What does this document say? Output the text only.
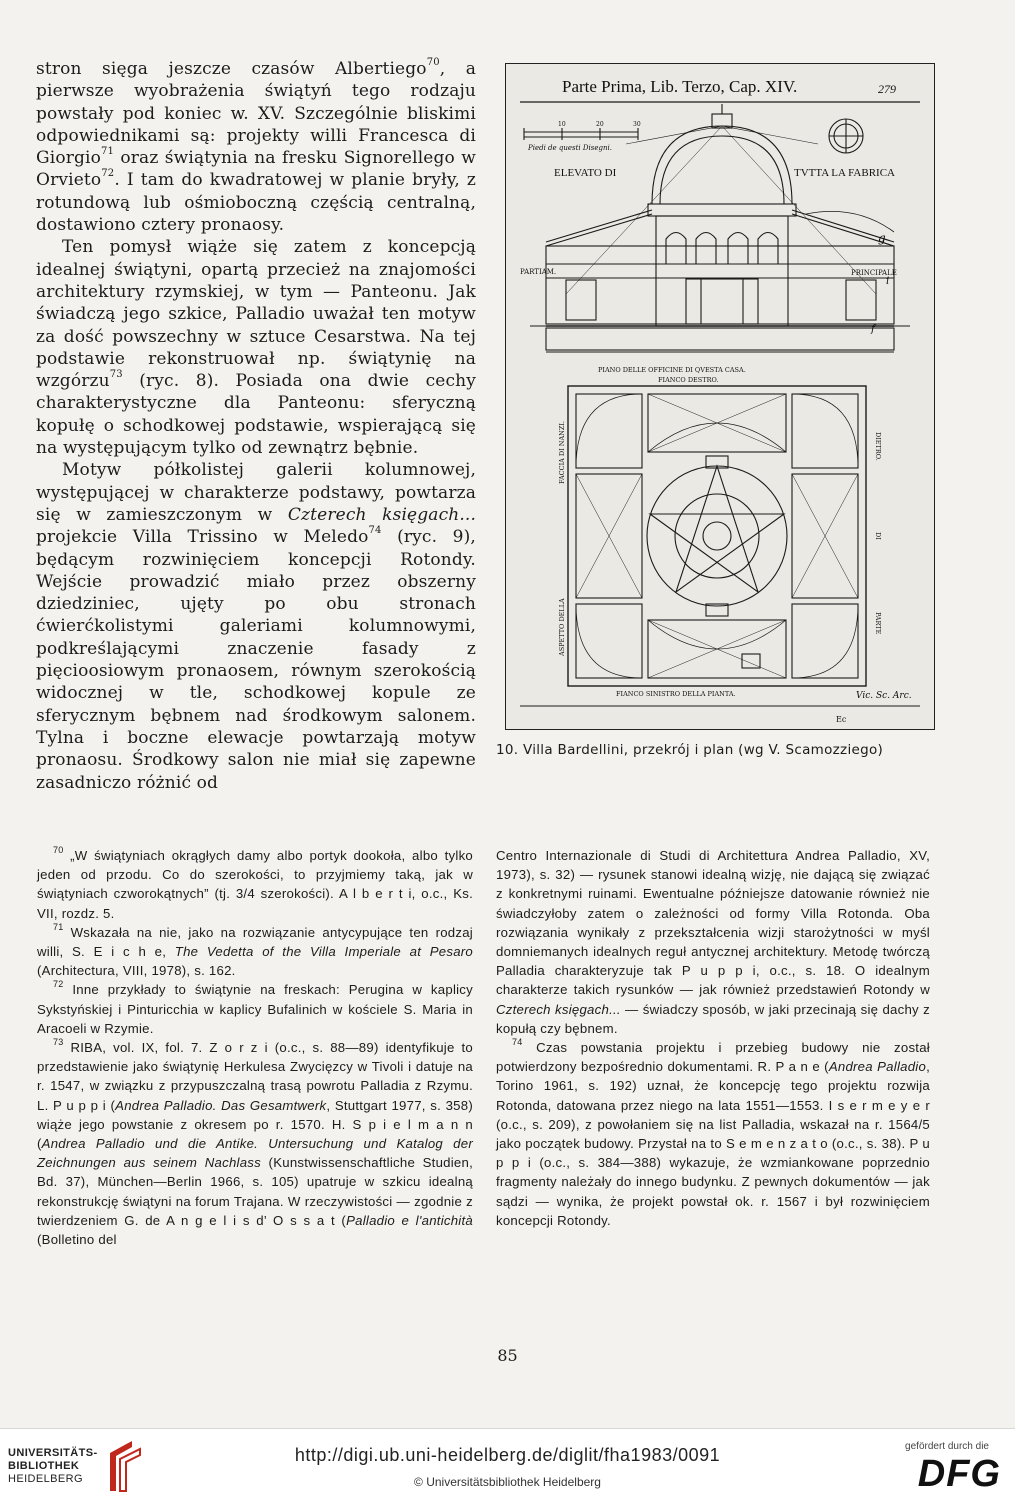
stron sięga jeszcze czasów Albertiego$^{70}$, a pierwsze wyobrażenia świątyń tego rodzaju powstały pod koniec w. XV. Szczególnie bliskimi odpowiednikami są: projekty willi Francesca di Giorgio$^{71}$ oraz świątynia na fresku Signorellego w Orvieto$^{72}$. I tam do kwadratowej w planie bryły, z rotundową lub ośmioboczną częścią centralną, dostawiono cztery pronaosy.

Ten pomysł wiąże się zatem z koncepcją idealnej świątyni, opartą przecież na znajomości architektury rzymskiej, w tym — Panteonu. Jak świadczą jego szkice, Palladio uważał ten motyw za dość powszechny w sztuce Cesarstwa. Na tej podstawie rekonstruował np. świątynię na wzgórzu$^{73}$ (ryc. 8). Posiada ona dwie cechy charakterystyczne dla Panteonu: sferyczną kopułę o schodkowej podstawie, wspierającą się na występującym tylko od zewnątrz bębnie.

Motyw półkolistej galerii kolumnowej, występującej w charakterze podstawy, powtarza się w zamieszczonym w Czterech księgach... projekcie Villa Trissino w Meledo$^{74}$ (ryc. 9), będącym rozwinięciem koncepcji Rotondy. Wejście prowadzić miało przez obszerny dziedziniec, ujęty po obu stronach ćwierćkolistymi galeriami kolumnowymi, podkreślającymi znaczenie fasady z pięcioosiowym pronaosem, równym szerokością widocznej w tle, schodkowej kopule ze sferycznym bębnem nad środkowym salonem. Tylna i boczne elewacje powtarzają motyw pronaosu. Środkowy salon nie miał się zapewne zasadniczo różnić od

Parte Prima, Lib. Terzo, Cap. XIV.	279
10	20	30
Piedi de questi Disegni.
ELEVATO DI	TVTTA LA FABRICA
PARTIAM.	PRINCIPALE
g
f
i
PIANO DELLE OFFICINE DI QVESTA CASA.
FIANCO DESTRO.
FACCIA DI NANZI.
ASPETTO DELLA
DIETRO.
DI
PARTE
FIANCO SINISTRO DELLA PIANTA.	Vic. Sc. Arc.
Ec
10. Villa Bardellini, przekrój i plan (wg V. Scamozziego)

$^{70}$ „W świątyniach okrągłych damy albo portyk dookoła, albo tylko jeden od przodu. Co do szerokości, to przyjmiemy taką, jak w świątyniach czworokątnych” (tj. 3/4 szerokości). A l b e r t i, o.c., Ks. VII, rozdz. 5.

$^{71}$ Wskazała na nie, jako na rozwiązanie antycypujące ten rodzaj willi, S. E i c h e, The Vedetta of the Villa Imperiale at Pesaro (Architectura, VIII, 1978), s. 162.

$^{72}$ Inne przykłady to świątynie na freskach: Perugina w kaplicy Sykstyńskiej i Pinturicchia w kaplicy Bufalinich w kościele S. Maria in Aracoeli w Rzymie.

$^{73}$ RIBA, vol. IX, fol. 7. Z o r z i (o.c., s. 88—89) identyfikuje to przedstawienie jako świątynię Herkulesa Zwycięzcy w Tivoli i datuje na r. 1547, w związku z przypuszczalną trasą powrotu Palladia z Rzymu. L. P u p p i (Andrea Palladio. Das Gesamtwerk, Stuttgart 1977, s. 358) wiąże jego powstanie z okresem po r. 1570. H. S p i e l m a n n (Andrea Palladio und die Antike. Untersuchung und Katalog der Zeichnungen aus seinem Nachlass (Kunstwissenschaftliche Studien, Bd. 37), München—Berlin 1966, s. 105) upatruje w szkicu idealną rekonstrukcję świątyni na forum Trajana. W rzeczywistości — zgodnie z twierdzeniem G. de A n g e l i s d’ O s s a t (Palladio e l'antichità (Bolletino del

Centro Internazionale di Studi di Architettura Andrea Palladio, XV, 1973), s. 32) — rysunek stanowi idealną wizję, nie dającą się związać z konkretnymi ruinami. Ewentualne późniejsze datowanie również nie świadczyłoby zatem o zależności od formy Villa Rotonda. Oba rozwiązania wynikały z przekształcenia wizji starożytności w myśl domniemanych idealnych reguł antycznej architektury. Metodę twórczą Palladia charakteryzuje tak P u p p i, o.c., s. 18. O idealnym charakterze takich rysunków — jak również przedstawień Rotondy w Czterech księgach... — świadczy sposób, w jaki przecinają się dachy z kopułą czy bębnem.

$^{74}$ Czas powstania projektu i przebieg budowy nie został potwierdzony bezpośrednio dokumentami. R. P a n e (Andrea Palladio, Torino 1961, s. 192) uznał, że koncepcję tego projektu rozwija Rotonda, datowana przez niego na lata 1551—1553. I s e r m e y e r (o.c., s. 209), z powołaniem się na list Palladia, wskazał na r. 1564/5 jako początek budowy. Przystał na to S e m e n z a t o (o.c., s. 38). P u p p i (o.c., s. 384—388) wykazuje, że wzmiankowane poprzednio fragmenty należały do innego budynku. Z pewnych dokumentów — jak sądzi — wynika, że projekt powstał ok. r. 1567 i był rozwinięciem koncepcji Rotondy.

85
UNIVERSITÄTS-
BIBLIOTHEK
HEIDELBERG
http://digi.ub.uni-heidelberg.de/diglit/fha1983/0091
© Universitätsbibliothek Heidelberg
gefördert durch die
DFG
